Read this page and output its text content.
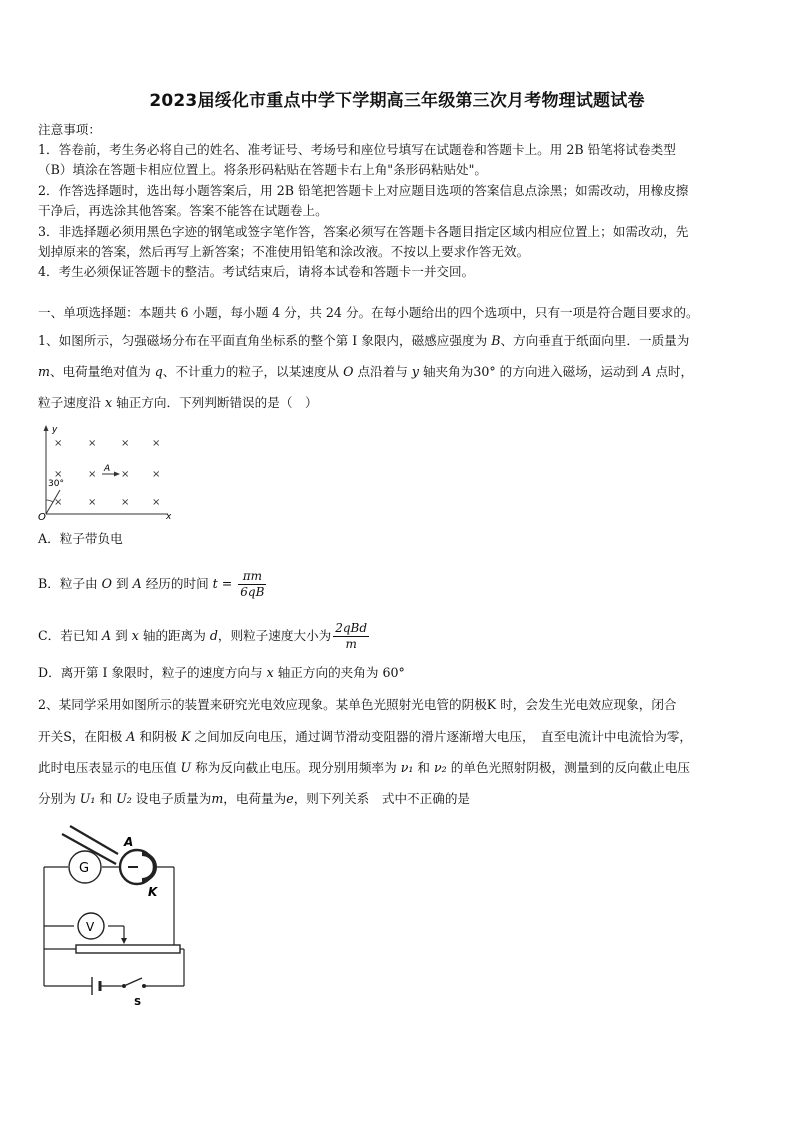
2023届绥化市重点中学下学期高三年级第三次月考物理试题试卷
注意事项：
1．答卷前，考生务必将自己的姓名、准考证号、考场号和座位号填写在试题卷和答题卡上。用 2B 铅笔将试卷类型
（B）填涂在答题卡相应位置上。将条形码粘贴在答题卡右上角"条形码粘贴处"。
2．作答选择题时，选出每小题答案后，用 2B 铅笔把答题卡上对应题目选项的答案信息点涂黑；如需改动，用橡皮擦
干净后，再选涂其他答案。答案不能答在试题卷上。
3．非选择题必须用黑色字迹的钢笔或签字笔作答，答案必须写在答题卡各题目指定区域内相应位置上；如需改动，先
划掉原来的答案，然后再写上新答案；不准使用铅笔和涂改液。不按以上要求作答无效。
4．考生必须保证答题卡的整洁。考试结束后，请将本试卷和答题卡一并交回。
一、单项选择题：本题共 6 小题，每小题 4 分，共 24 分。在每小题给出的四个选项中，只有一项是符合题目要求的。
1、如图所示，匀强磁场分布在平面直角坐标系的整个第 I 象限内，磁感应强度为 B、方向垂直于纸面向里．一质量为
m、电荷量绝对值为 q、不计重力的粒子，以某速度从 O 点沿着与 y 轴夹角为30° 的方向进入磁场，运动到 A 点时，
粒子速度沿 x 轴正方向．下列判断错误的是（　）
y
x
O
×	× × ×
×	× × ×
×	× × ×
A
30°
A．粒子带负电
B．粒子由 O 到 A 经历的时间 $t = \frac{\pi m}{6qB}$
C．若已知 A 到 x 轴的距离为 d，则粒子速度大小为 $\frac{\text{2qBd}}{m}$
D．离开第 I 象限时，粒子的速度方向与 x 轴正方向的夹角为 60°
2、某同学采用如图所示的装置来研究光电效应现象。某单色光照射光电管的阴极K 时，会发生光电效应现象，闭合
开关S，在阳极 A 和阴极 K 之间加反向电压，通过调节滑动变阻器的滑片逐渐增大电压，　直至电流计中电流恰为零，
此时电压表显示的电压值 U 称为反向截止电压。现分别用频率为 ν₁ 和 ν₂ 的单色光照射阴极，测量到的反向截止电压
分别为 U₁ 和 U₂ 设电子质量为m，电荷量为e，则下列关系　式中不正确的是
G
A
K
V
S
